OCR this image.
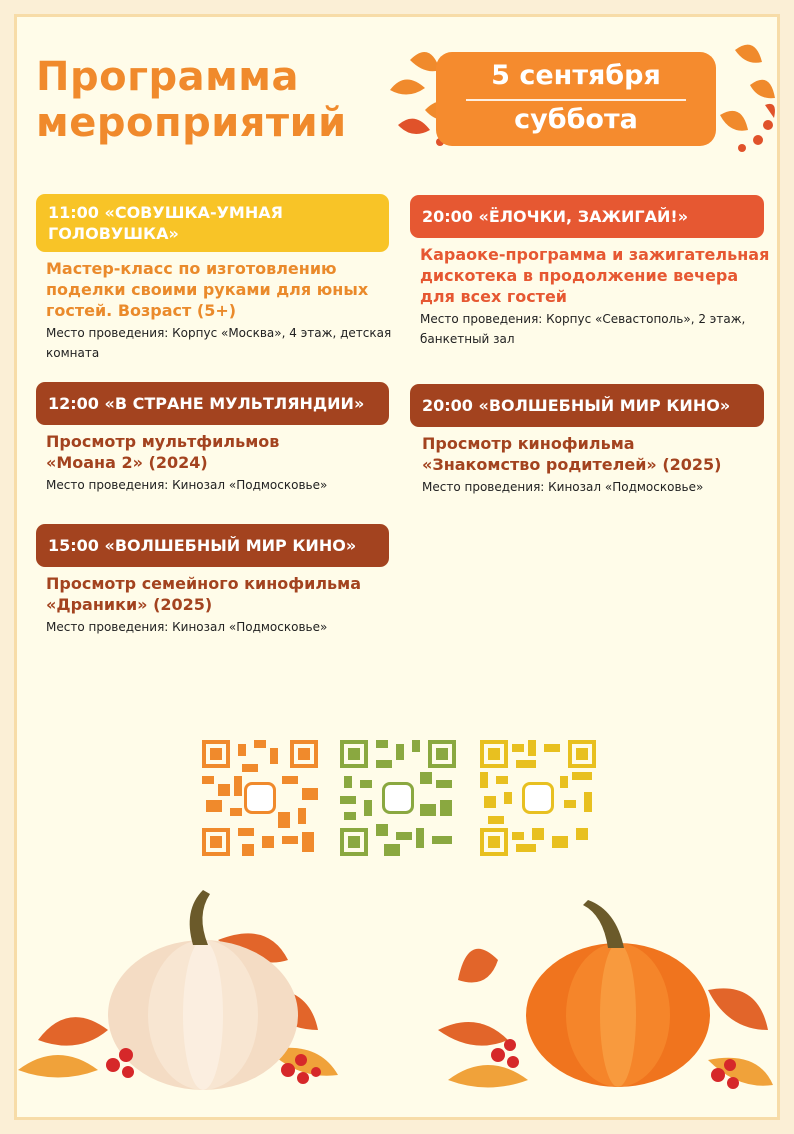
Программа
мероприятий
5 сентября
суббота
11:00 «СОВУШКА-УМНАЯ ГОЛОВУШКА»
Мастер-класс по изготовлению поделки своими руками для юных гостей. Возраст (5+)
Место проведения: Корпус «Москва», 4 этаж, детская комната
20:00 «ЁЛОЧКИ, ЗАЖИГАЙ!»
Караоке-программа и зажигательная дискотека в продолжение вечера для всех гостей
Место проведения: Корпус «Севастополь», 2 этаж, банкетный зал
12:00 «В СТРАНЕ МУЛЬТЛЯНДИИ»
Просмотр мультфильмов «Моана 2» (2024)
Место проведения: Кинозал «Подмосковье»
20:00 «ВОЛШЕБНЫЙ МИР КИНО»
Просмотр кинофильма «Знакомство родителей» (2025)
Место проведения: Кинозал «Подмосковье»
15:00 «ВОЛШЕБНЫЙ МИР КИНО»
Просмотр семейного кинофильма «Драники» (2025)
Место проведения: Кинозал «Подмосковье»
